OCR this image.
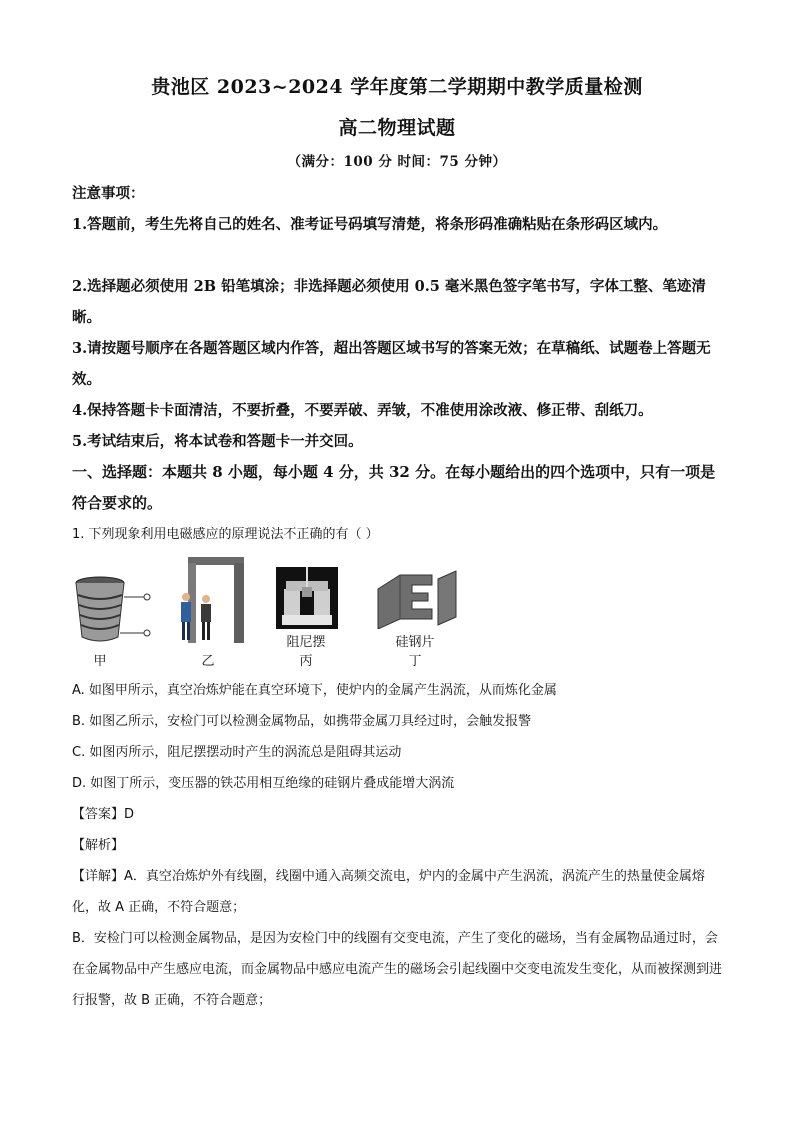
贵池区 2023~2024 学年度第二学期期中教学质量检测
高二物理试题
（满分：100 分 时间：75 分钟）
注意事项：
1.答题前，考生先将自己的姓名、准考证号码填写清楚，将条形码准确粘贴在条形码区域内。
2.选择题必须使用 2B 铅笔填涂；非选择题必须使用 0.5 毫米黑色签字笔书写，字体工整、笔迹清晰。
3.请按题号顺序在各题答题区域内作答，超出答题区域书写的答案无效；在草稿纸、试题卷上答题无效。
4.保持答题卡卡面清洁，不要折叠，不要弄破、弄皱，不准使用涂改液、修正带、刮纸刀。
5.考试结束后，将本试卷和答题卡一并交回。
一、选择题：本题共 8 小题，每小题 4 分，共 32 分。在每小题给出的四个选项中，只有一项是符合要求的。
1. 下列现象利用电磁感应的原理说法不正确的有（ ）
甲	乙
阻尼摆
丙
硅钢片
丁
A. 如图甲所示，真空冶炼炉能在真空环境下，使炉内的金属产生涡流，从而炼化金属
B. 如图乙所示，安检门可以检测金属物品，如携带金属刀具经过时，会触发报警
C. 如图丙所示，阻尼摆摆动时产生的涡流总是阻碍其运动
D. 如图丁所示，变压器的铁芯用相互绝缘的硅钢片叠成能增大涡流
【答案】D
【解析】
【详解】A．真空冶炼炉外有线圈，线圈中通入高频交流电，炉内的金属中产生涡流，涡流产生的热量使金属熔化，故 A 正确，不符合题意；
B．安检门可以检测金属物品，是因为安检门中的线圈有交变电流，产生了变化的磁场，当有金属物品通过时，会在金属物品中产生感应电流，而金属物品中感应电流产生的磁场会引起线圈中交变电流发生变化，从而被探测到进行报警，故 B 正确，不符合题意；
